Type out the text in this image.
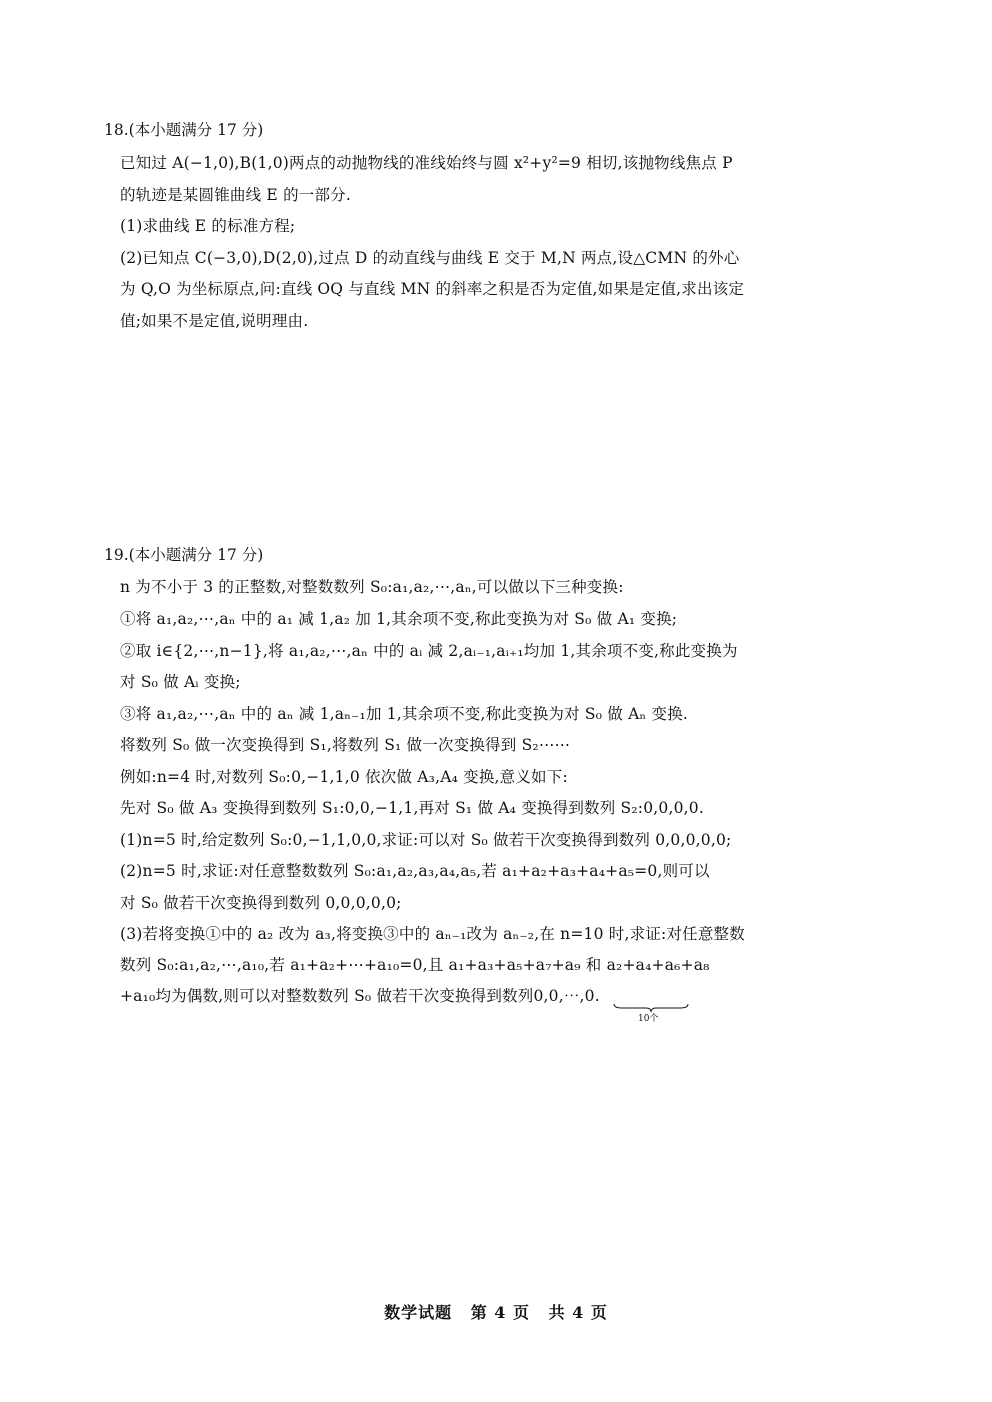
18.(本小题满分 17 分)
已知过 A(−1,0),B(1,0)两点的动抛物线的准线始终与圆 x²+y²=9 相切,该抛物线焦点 P
的轨迹是某圆锥曲线 E 的一部分.
(1)求曲线 E 的标准方程;
(2)已知点 C(−3,0),D(2,0),过点 D 的动直线与曲线 E 交于 M,N 两点,设△CMN 的外心
为 Q,O 为坐标原点,问:直线 OQ 与直线 MN 的斜率之积是否为定值,如果是定值,求出该定
值;如果不是定值,说明理由.
19.(本小题满分 17 分)
n 为不小于 3 的正整数,对整数数列 S₀:a₁,a₂,⋯,aₙ,可以做以下三种变换:
①将 a₁,a₂,⋯,aₙ 中的 a₁ 减 1,a₂ 加 1,其余项不变,称此变换为对 S₀ 做 A₁ 变换;
②取 i∈{2,⋯,n−1},将 a₁,a₂,⋯,aₙ 中的 aᵢ 减 2,aᵢ₋₁,aᵢ₊₁均加 1,其余项不变,称此变换为
对 S₀ 做 Aᵢ 变换;
③将 a₁,a₂,⋯,aₙ 中的 aₙ 减 1,aₙ₋₁加 1,其余项不变,称此变换为对 S₀ 做 Aₙ 变换.
将数列 S₀ 做一次变换得到 S₁,将数列 S₁ 做一次变换得到 S₂⋯⋯
例如:n=4 时,对数列 S₀:0,−1,1,0 依次做 A₃,A₄ 变换,意义如下:
先对 S₀ 做 A₃ 变换得到数列 S₁:0,0,−1,1,再对 S₁ 做 A₄ 变换得到数列 S₂:0,0,0,0.
(1)n=5 时,给定数列 S₀:0,−1,1,0,0,求证:可以对 S₀ 做若干次变换得到数列 0,0,0,0,0;
(2)n=5 时,求证:对任意整数数列 S₀:a₁,a₂,a₃,a₄,a₅,若 a₁+a₂+a₃+a₄+a₅=0,则可以
对 S₀ 做若干次变换得到数列 0,0,0,0,0;
(3)若将变换①中的 a₂ 改为 a₃,将变换③中的 aₙ₋₁改为 aₙ₋₂,在 n=10 时,求证:对任意整数
数列 S₀:a₁,a₂,⋯,a₁₀,若 a₁+a₂+⋯+a₁₀=0,且 a₁+a₃+a₅+a₇+a₉ 和 a₂+a₄+a₆+a₈
+a₁₀均为偶数,则可以对整数数列 S₀ 做若干次变换得到数列0,0,⋯,0.
10个
数学试题 第 4 页 共 4 页
